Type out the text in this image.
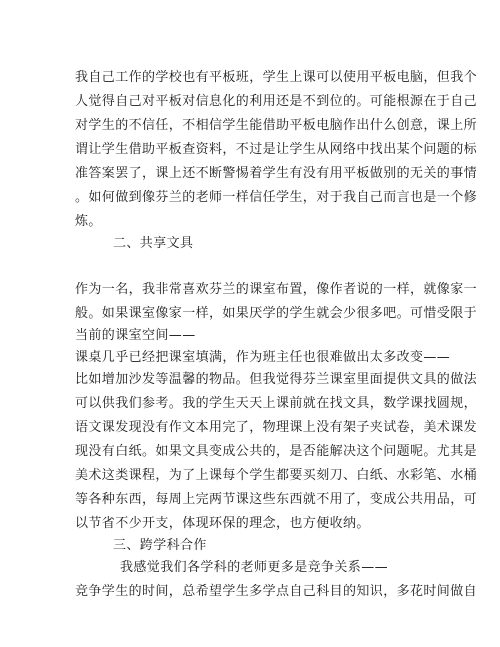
我自己工作的学校也有平板班，学生上课可以使用平板电脑，但我个
人觉得自己对平板对信息化的利用还是不到位的。可能根源在于自己
对学生的不信任，不相信学生能借助平板电脑作出什么创意，课上所
谓让学生借助平板查资料，不过是让学生从网络中找出某个问题的标
准答案罢了，课上还不断警惕着学生有没有用平板做别的无关的事情
。如何做到像芬兰的老师一样信任学生，对于我自己而言也是一个修
炼。
二、共享文具
作为一名，我非常喜欢芬兰的课室布置，像作者说的一样，就像家一
般。如果课室像家一样，如果厌学的学生就会少很多吧。可惜受限于
当前的课室空间——
课桌几乎已经把课室填满，作为班主任也很难做出太多改变——
比如增加沙发等温馨的物品。但我觉得芬兰课室里面提供文具的做法
可以供我们参考。我的学生天天上课前就在找文具，数学课找圆规，
语文课发现没有作文本用完了，物理课上没有架子夹试卷，美术课发
现没有白纸。如果文具变成公共的，是否能解决这个问题呢。尤其是
美术这类课程，为了上课每个学生都要买刻刀、白纸、水彩笔、水桶
等各种东西，每周上完两节课这些东西就不用了，变成公共用品，可
以节省不少开支，体现环保的理念，也方便收纳。
三、跨学科合作
我感觉我们各学科的老师更多是竞争关系——
竞争学生的时间，总希望学生多学点自己科目的知识，多花时间做自
